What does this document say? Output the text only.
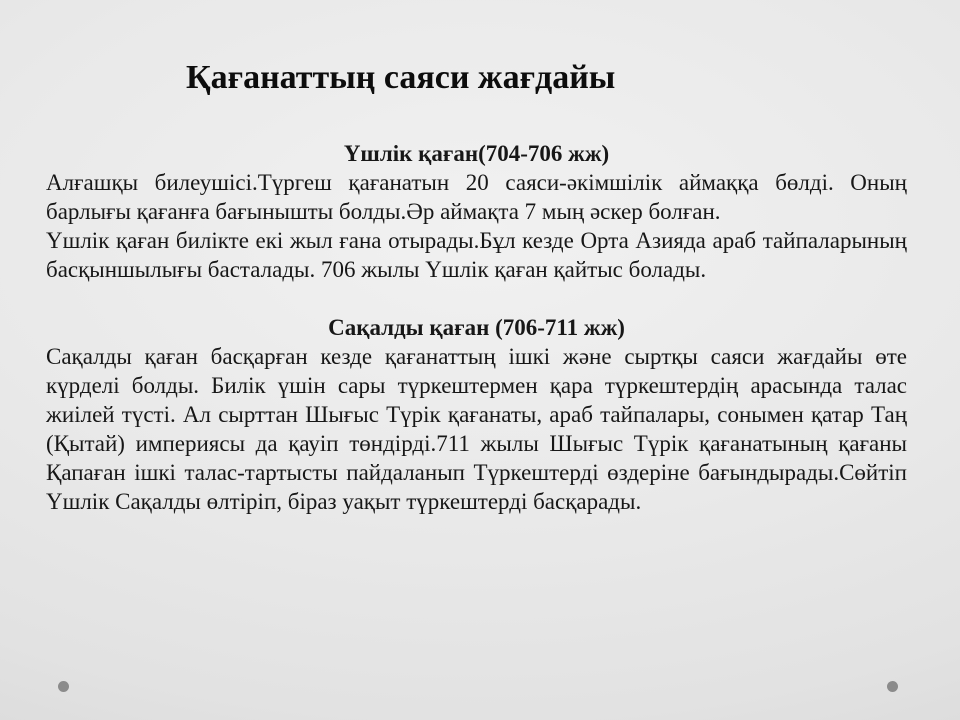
Қағанаттың саяси жағдайы

Үшлік қаған(704-706 жж)

Алғашқы билеушісі.Түргеш қағанатын 20 саяси-әкімшілік аймаққа бөлді. Оның барлығы қағанға бағынышты болды.Әр аймақта 7 мың әскер болған.

Үшлік қаған билікте екі жыл ғана отырады.Бұл кезде Орта Азияда араб тайпаларының басқыншылығы басталады. 706 жылы Үшлік қаған қайтыс болады.

Сақалды қаған (706-711 жж)

Сақалды қаған басқарған кезде қағанаттың ішкі және сыртқы саяси жағдайы өте күрделі болды. Билік үшін сары түркештермен қара түркештердің арасында талас жиілей түсті. Ал сырттан Шығыс Түрік қағанаты, араб тайпалары, сонымен қатар Таң (Қытай) империясы да қауіп төндірді.711 жылы Шығыс Түрік қағанатының қағаны Қапаған ішкі талас-тартысты пайдаланып Түркештерді өздеріне бағындырады.Сөйтіп Үшлік Сақалды өлтіріп, біраз уақыт түркештерді басқарады.
